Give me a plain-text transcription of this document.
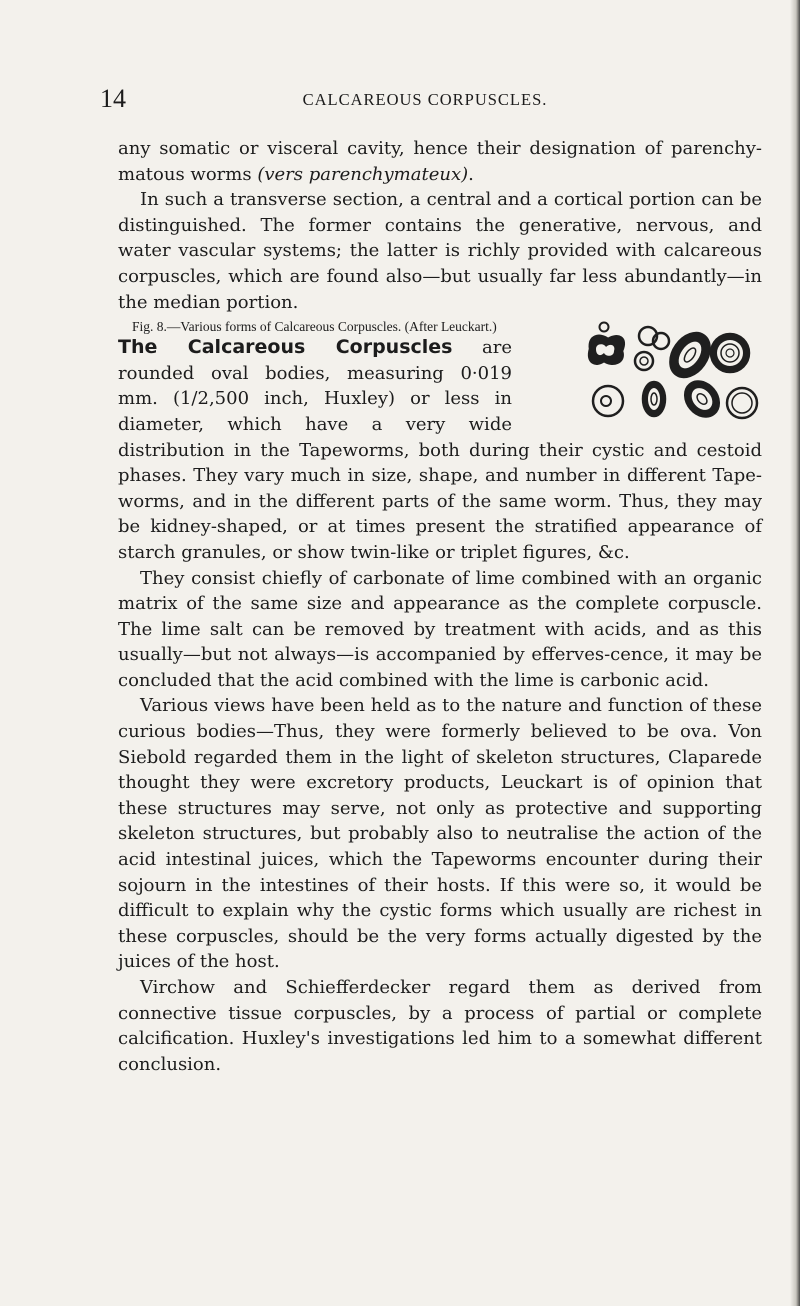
14	CALCAREOUS CORPUSCLES.

any somatic or visceral cavity, hence their designation of parenchy-matous worms (vers parenchymateux).

In such a transverse section, a central and a cortical portion can be distinguished. The former contains the generative, nervous, and water vascular systems; the latter is richly provided with calcareous corpuscles, which are found also—but usually far less abundantly—in the median portion.

Fig. 8.—Various forms of Calcareous Corpuscles. (After Leuckart.)
The Calcareous Corpuscles are rounded oval bodies, measuring 0·019 mm. (1/2,500 inch, Huxley) or less in diameter, which have a very wide distribution in the Tapeworms, both during their cystic and cestoid phases. They vary much in size, shape, and number in different Tape-worms, and in the different parts of the same worm. Thus, they may be kidney-shaped, or at times present the stratified appearance of starch granules, or show twin-like or triplet figures, &c.

They consist chiefly of carbonate of lime combined with an organic matrix of the same size and appearance as the complete corpuscle. The lime salt can be removed by treatment with acids, and as this usually—but not always—is accompanied by efferves-cence, it may be concluded that the acid combined with the lime is carbonic acid.

Various views have been held as to the nature and function of these curious bodies—Thus, they were formerly believed to be ova. Von Siebold regarded them in the light of skeleton structures, Claparede thought they were excretory products, Leuckart is of opinion that these structures may serve, not only as protective and supporting skeleton structures, but probably also to neutralise the action of the acid intestinal juices, which the Tapeworms encounter during their sojourn in the intestines of their hosts. If this were so, it would be difficult to explain why the cystic forms which usually are richest in these corpuscles, should be the very forms actually digested by the juices of the host.

Virchow and Schiefferdecker regard them as derived from connective tissue corpuscles, by a process of partial or complete calcification. Huxley's investigations led him to a somewhat different conclusion.
